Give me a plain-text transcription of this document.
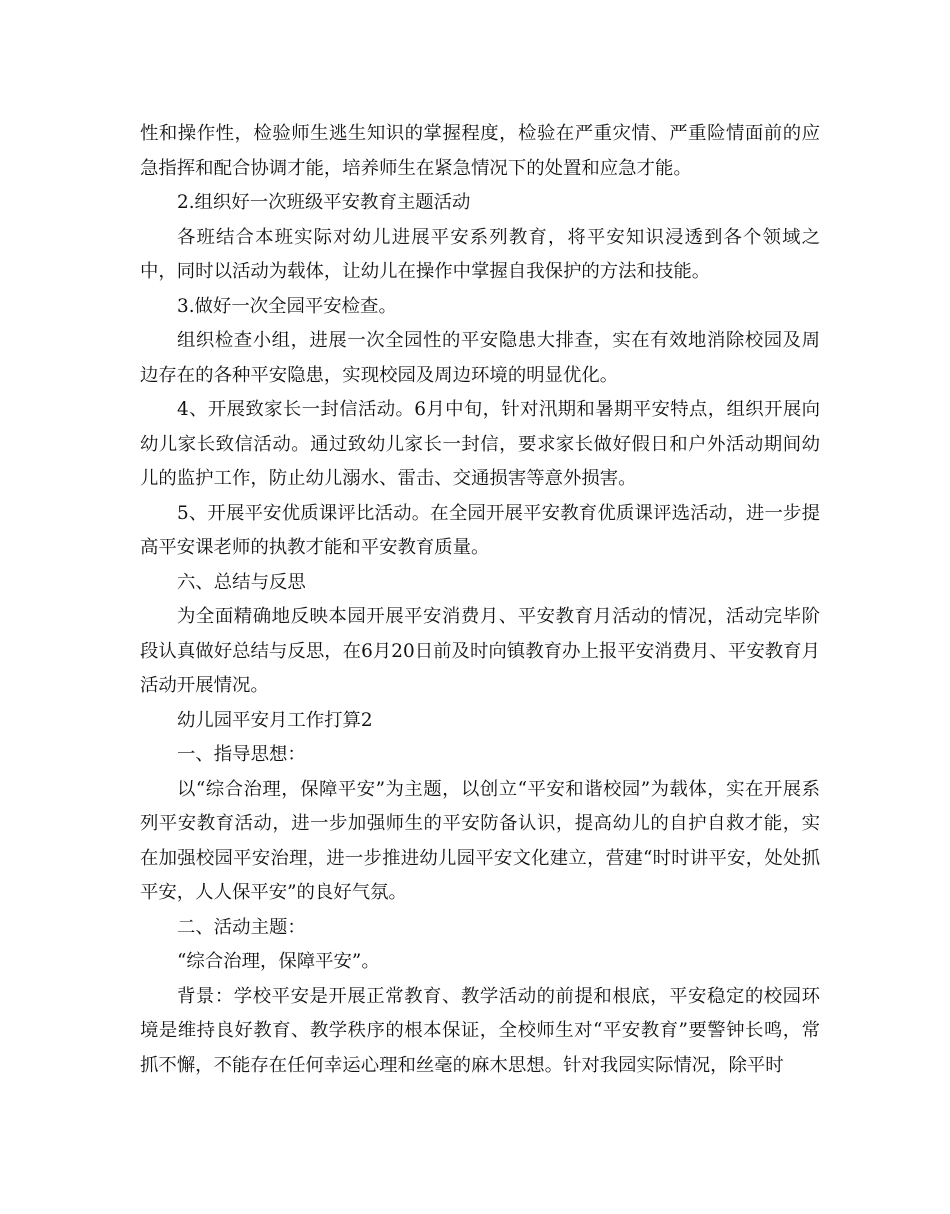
性和操作性，检验师生逃生知识的掌握程度，检验在严重灾情、严重险情面前的应急指挥和配合协调才能，培养师生在紧急情况下的处置和应急才能。

2.组织好一次班级平安教育主题活动

各班结合本班实际对幼儿进展平安系列教育，将平安知识浸透到各个领域之中，同时以活动为载体，让幼儿在操作中掌握自我保护的方法和技能。

3.做好一次全园平安检查。

组织检查小组，进展一次全园性的平安隐患大排查，实在有效地消除校园及周边存在的各种平安隐患，实现校园及周边环境的明显优化。

4、开展致家长一封信活动。6月中旬，针对汛期和暑期平安特点，组织开展向幼儿家长致信活动。通过致幼儿家长一封信，要求家长做好假日和户外活动期间幼儿的监护工作，防止幼儿溺水、雷击、交通损害等意外损害。

5、开展平安优质课评比活动。在全园开展平安教育优质课评选活动，进一步提高平安课老师的执教才能和平安教育质量。

六、总结与反思

为全面精确地反映本园开展平安消费月、平安教育月活动的情况，活动完毕阶段认真做好总结与反思，在6月20日前及时向镇教育办上报平安消费月、平安教育月活动开展情况。

幼儿园平安月工作打算2

一、指导思想：

以“综合治理，保障平安”为主题，以创立“平安和谐校园”为载体，实在开展系列平安教育活动，进一步加强师生的平安防备认识，提高幼儿的自护自救才能，实在加强校园平安治理，进一步推进幼儿园平安文化建立，营建“时时讲平安，处处抓平安，人人保平安”的良好气氛。

二、活动主题：

“综合治理，保障平安”。

背景：学校平安是开展正常教育、教学活动的前提和根底，平安稳定的校园环境是维持良好教育、教学秩序的根本保证，全校师生对“平安教育”要警钟长鸣，常抓不懈，不能存在任何幸运心理和丝毫的麻木思想。针对我园实际情况，除平时
